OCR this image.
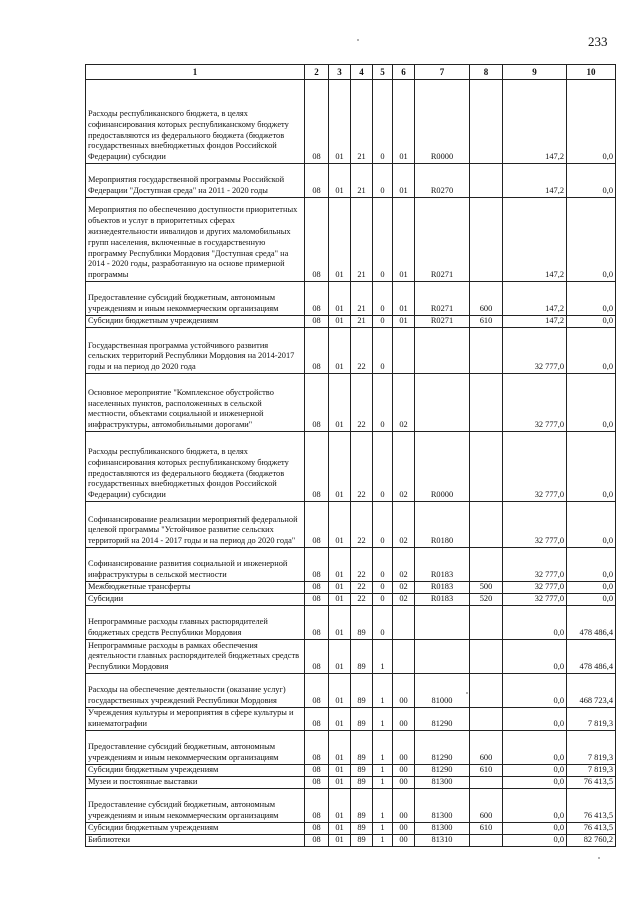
233
1	2	3	4	5	6	7	8	9	10

Расходы республиканского бюджета, в целях софинансирования которых республиканскому бюджету предоставляются из федерального бюджета (бюджетов государственных внебюджетных фондов Российской Федерации) субсидии	08	01	21	0	01	R0000		147,2	0,0

Мероприятия государственной программы Российской Федерации "Доступная среда" на 2011 - 2020 годы	08	01	21	0	01	R0270		147,2	0,0

Мероприятия по обеспечению доступности приоритетных объектов и услуг в приоритетных сферах жизнедеятельности инвалидов и других маломобильных групп населения, включенные в государственную программу Республики Мордовия "Доступная среда" на 2014 - 2020 годы, разработанную на основе примерной программы	08	01	21	0	01	R0271		147,2	0,0

Предоставление субсидий бюджетным, автономным учреждениям и иным некоммерческим организациям	08	01	21	0	01	R0271	600	147,2	0,0

Субсидии бюджетным учреждениям	08	01	21	0	01	R0271	610	147,2	0,0

Государственная программа устойчивого развития сельских территорий Республики Мордовия на 2014-2017 годы и на период до 2020 года	08	01	22	0				32 777,0	0,0

Основное мероприятие "Комплексное обустройство населенных пунктов, расположенных в сельской местности, объектами социальной и инженерной инфраструктуры, автомобильными дорогами"	08	01	22	0	02			32 777,0	0,0

Расходы республиканского бюджета, в целях софинансирования которых республиканскому бюджету предоставляются из федерального бюджета (бюджетов государственных внебюджетных фондов Российской Федерации) субсидии	08	01	22	0	02	R0000		32 777,0	0,0

Софинансирование реализации мероприятий федеральной целевой программы "Устойчивое развитие сельских территорий на 2014 - 2017 годы и на период до 2020 года"	08	01	22	0	02	R0180		32 777,0	0,0

Софинансирование развития социальной и инженерной инфраструктуры в сельской местности	08	01	22	0	02	R0183		32 777,0	0,0

Межбюджетные трансферты	08	01	22	0	02	R0183	500	32 777,0	0,0

Субсидии	08	01	22	0	02	R0183	520	32 777,0	0,0

Непрограммные расходы главных распорядителей бюджетных средств Республики Мордовия	08	01	89	0				0,0	478 486,4

Непрограммные расходы в рамках обеспечения деятельности главных распорядителей бюджетных средств Республики Мордовия	08	01	89	1				0,0	478 486,4

Расходы на обеспечение деятельности (оказание услуг) государственных учреждений Республики Мордовия	08	01	89	1	00	81000		0,0	468 723,4

Учреждения культуры и мероприятия в сфере культуры и кинематографии	08	01	89	1	00	81290		0,0	7 819,3

Предоставление субсидий бюджетным, автономным учреждениям и иным некоммерческим организациям	08	01	89	1	00	81290	600	0,0	7 819,3

Субсидии бюджетным учреждениям	08	01	89	1	00	81290	610	0,0	7 819,3

Музеи и постоянные выставки	08	01	89	1	00	81300		0,0	76 413,5

Предоставление субсидий бюджетным, автономным учреждениям и иным некоммерческим организациям	08	01	89	1	00	81300	600	0,0	76 413,5

Субсидии бюджетным учреждениям	08	01	89	1	00	81300	610	0,0	76 413,5

Библиотеки	08	01	89	1	00	81310		0,0	82 760,2
